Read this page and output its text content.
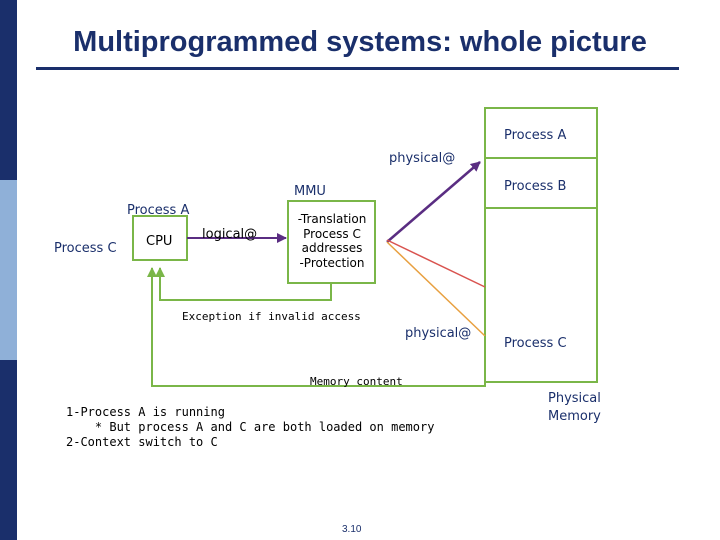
Multiprogrammed systems: whole picture
Process A
Process B
Process C
Physical
Memory
Process A
Process C CPU logical@
MMU
-Translation
Process C
addresses
-Protection
physical@
physical@
Exception if invalid access
Memory content
1-Process A is running
* But process A and C are both loaded on memory
2-Context switch to C
3.10
